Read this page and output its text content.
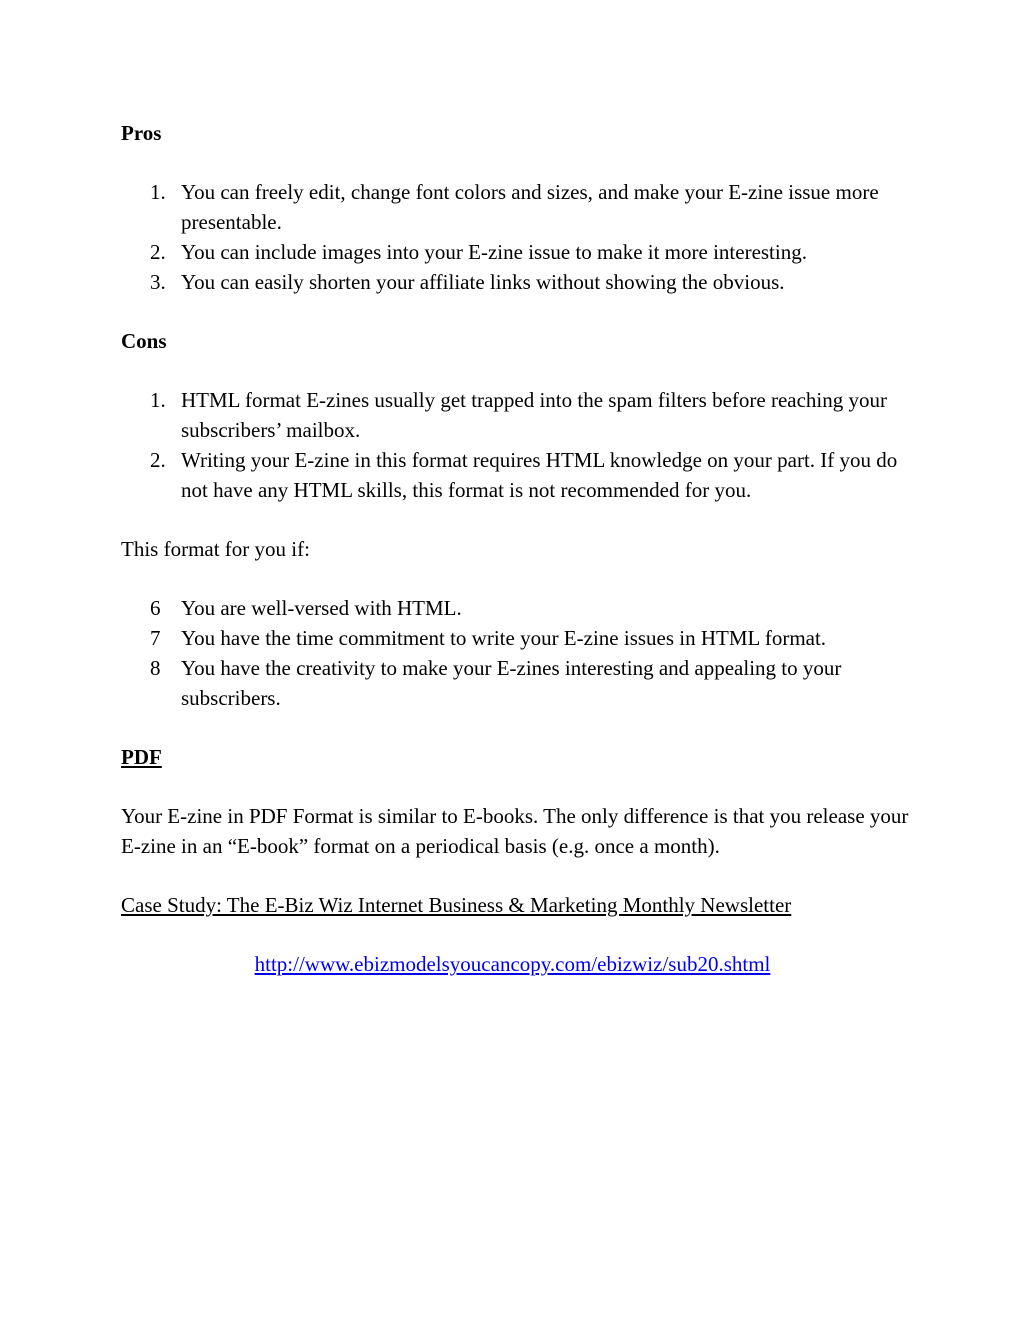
Pros

1. You can freely edit, change font colors and sizes, and make your E-zine issue more presentable.
2. You can include images into your E-zine issue to make it more interesting.
3. You can easily shorten your affiliate links without showing the obvious.

Cons

1. HTML format E-zines usually get trapped into the spam filters before reaching your subscribers’ mailbox.
2. Writing your E-zine in this format requires HTML knowledge on your part. If you do not have any HTML skills, this format is not recommended for you.

This format for you if:

6 You are well-versed with HTML.
7 You have the time commitment to write your E-zine issues in HTML format.
8 You have the creativity to make your E-zines interesting and appealing to your subscribers.

PDF

Your E-zine in PDF Format is similar to E-books. The only difference is that you release your E-zine in an “E-book” format on a periodical basis (e.g. once a month).

Case Study: The E-Biz Wiz Internet Business & Marketing Monthly Newsletter

http://www.ebizmodelsyoucancopy.com/ebizwiz/sub20.shtml
